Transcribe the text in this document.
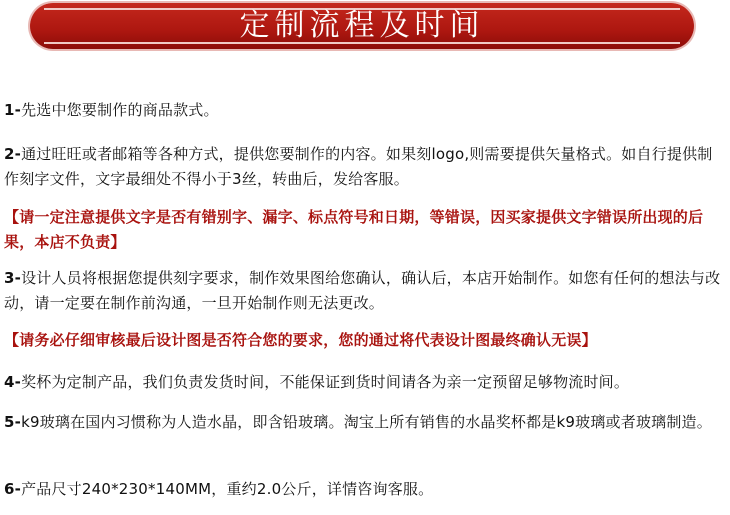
定制流程及时间

1-先选中您要制作的商品款式。

2-通过旺旺或者邮箱等各种方式，提供您要制作的内容。如果刻logo,则需要提供矢量格式。如自行提供制作刻字文件，文字最细处不得小于3丝，转曲后，发给客服。

【请一定注意提供文字是否有错别字、漏字、标点符号和日期，等错误，因买家提供文字错误所出现的后果，本店不负责】

3-设计人员将根据您提供刻字要求，制作效果图给您确认，确认后，本店开始制作。如您有任何的想法与改动，请一定要在制作前沟通，一旦开始制作则无法更改。

【请务必仔细审核最后设计图是否符合您的要求，您的通过将代表设计图最终确认无误】

4-奖杯为定制产品，我们负责发货时间，不能保证到货时间请各为亲一定预留足够物流时间。

5-k9玻璃在国内习惯称为人造水晶，即含铅玻璃。淘宝上所有销售的水晶奖杯都是k9玻璃或者玻璃制造。

6-产品尺寸240*230*140MM，重约2.0公斤，详情咨询客服。
